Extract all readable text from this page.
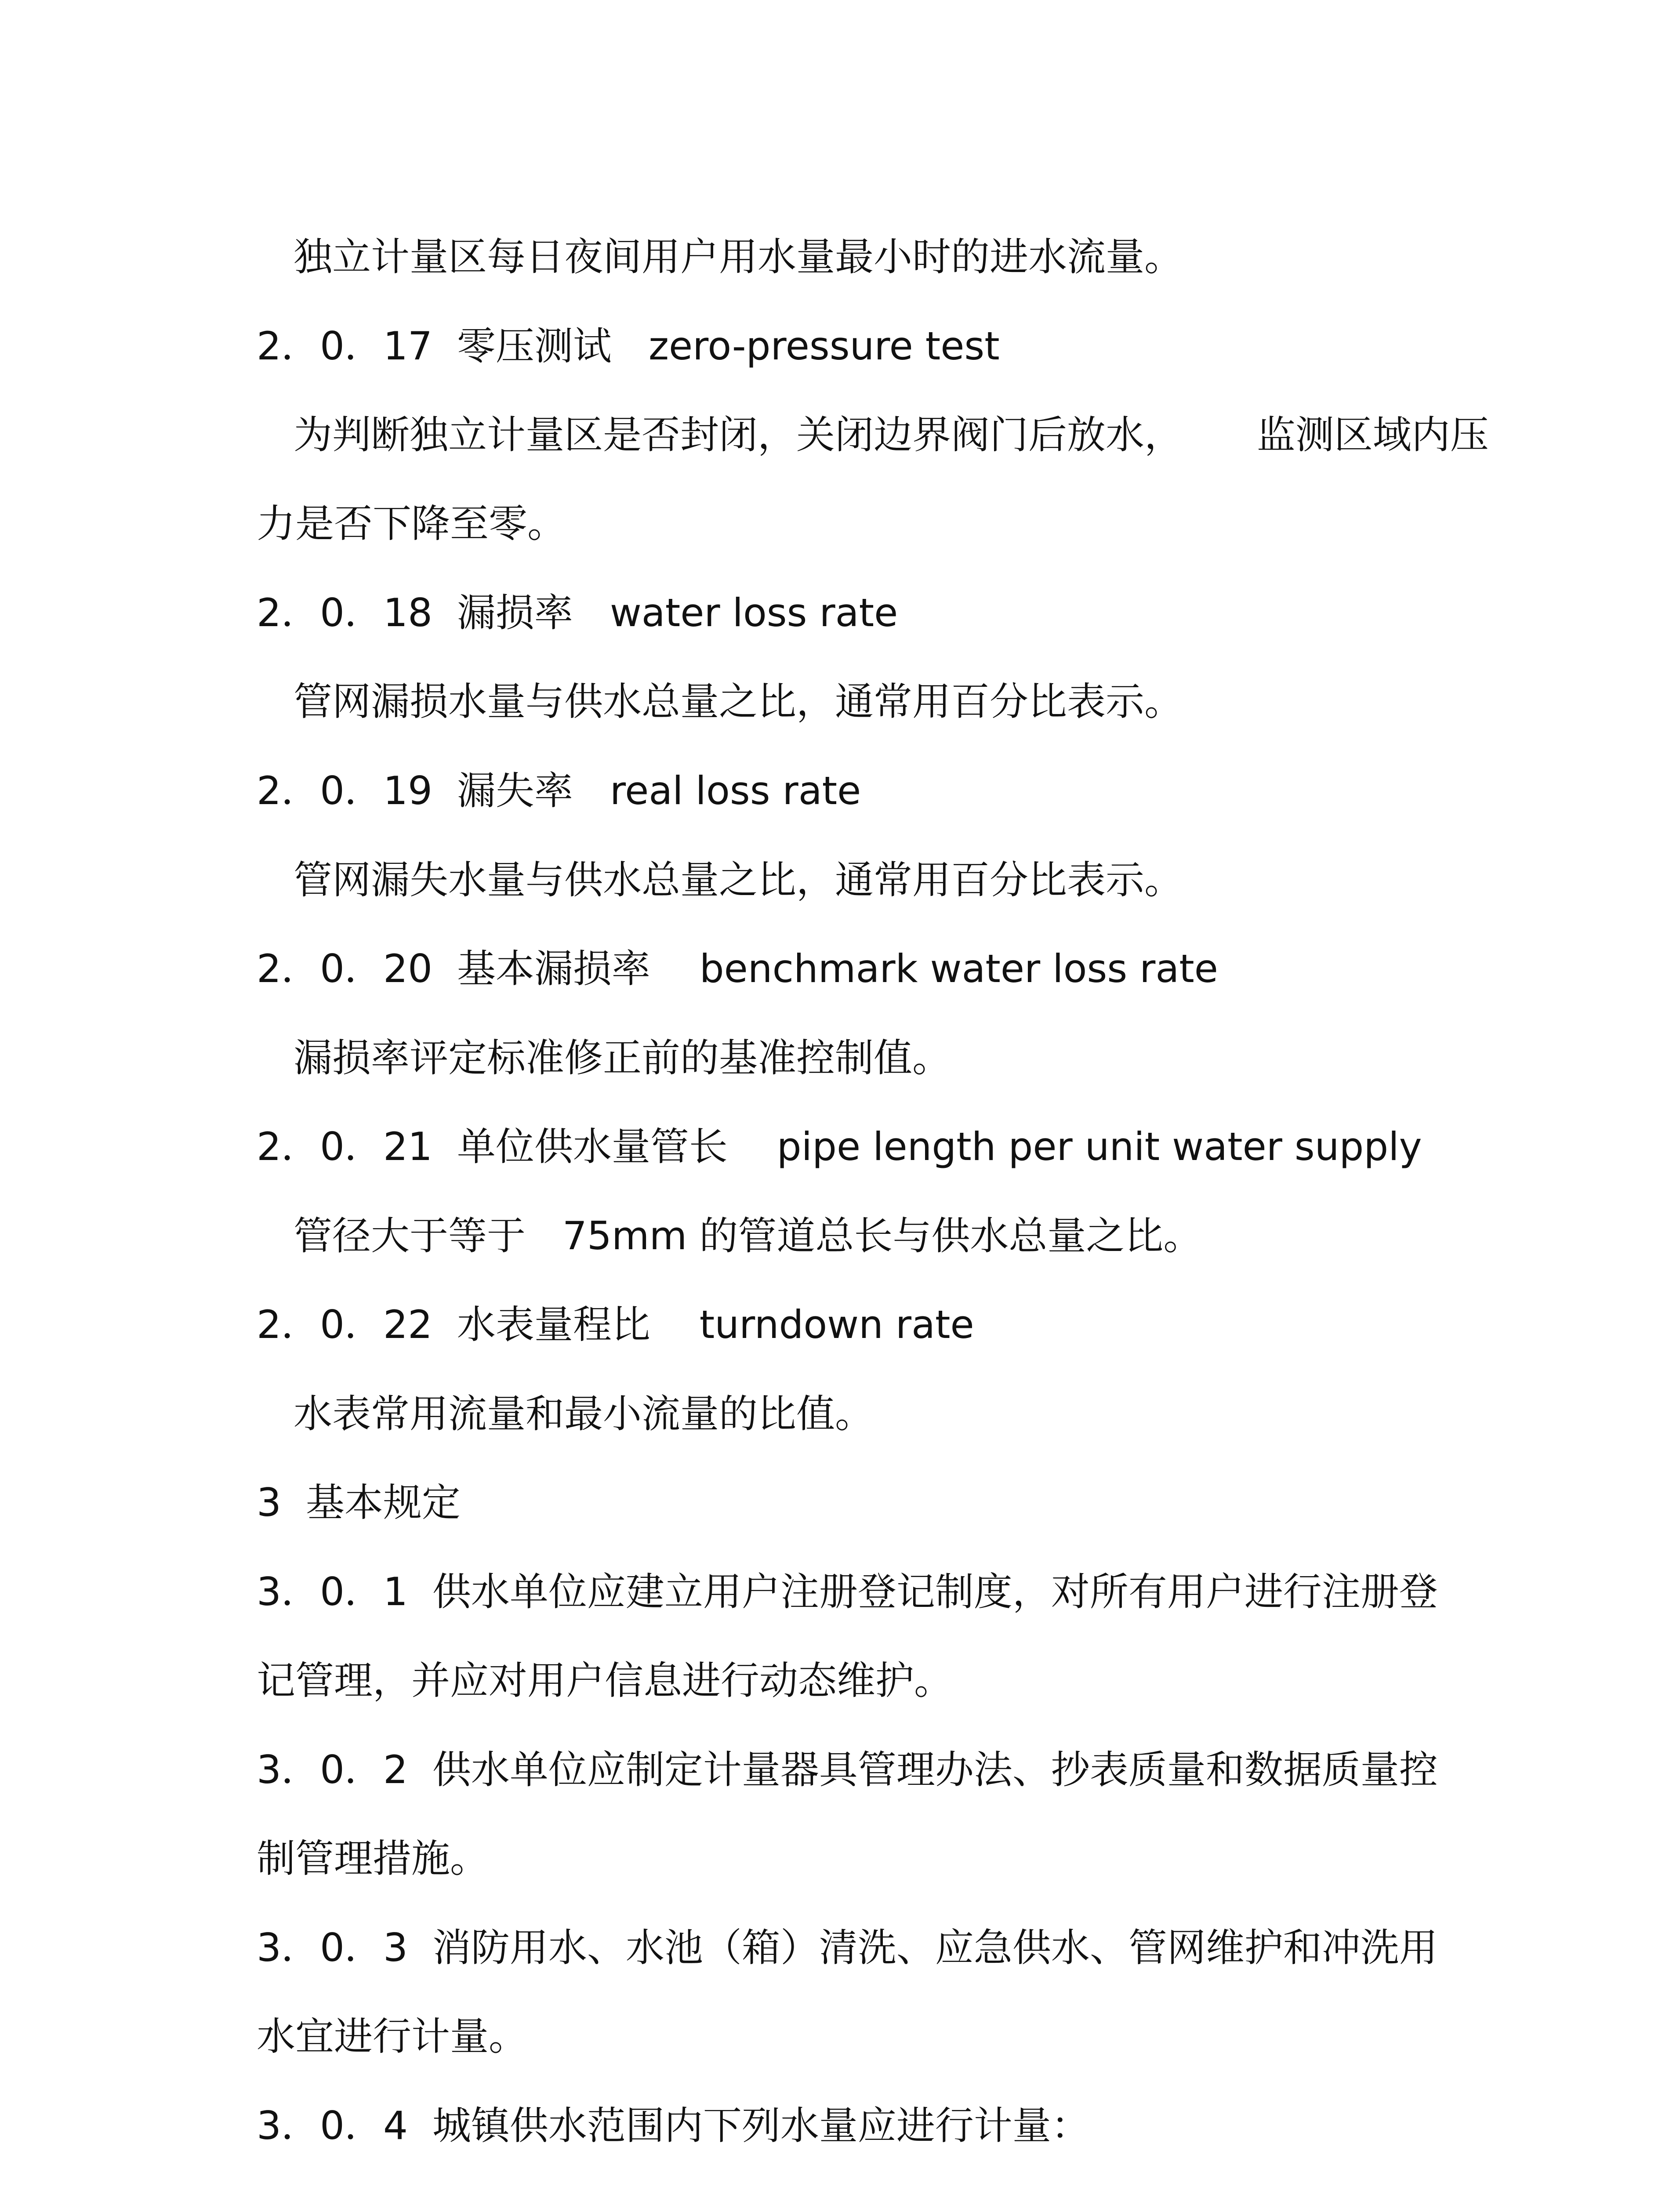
独立计量区每日夜间用户用水量最小时的进水流量。
2．0．17  零压测试   zero-pressure test
为判断独立计量区是否封闭，关闭边界阀门后放水，      监测区域内压
力是否下降至零。
2．0．18  漏损率   water loss rate
管网漏损水量与供水总量之比，通常用百分比表示。
2．0．19  漏失率   real loss rate
管网漏失水量与供水总量之比，通常用百分比表示。
2．0．20  基本漏损率    benchmark water loss rate
漏损率评定标准修正前的基准控制值。
2．0．21  单位供水量管长    pipe length per unit water supply
管径大于等于   75mm 的管道总长与供水总量之比。
2．0．22  水表量程比    turndown rate
水表常用流量和最小流量的比值。
3  基本规定
3．0．1  供水单位应建立用户注册登记制度，对所有用户进行注册登
记管理，并应对用户信息进行动态维护。
3．0．2  供水单位应制定计量器具管理办法、抄表质量和数据质量控
制管理措施。
3．0．3  消防用水、水池（箱）清洗、应急供水、管网维护和冲洗用
水宜进行计量。
3．0．4  城镇供水范围内下列水量应进行计量：
